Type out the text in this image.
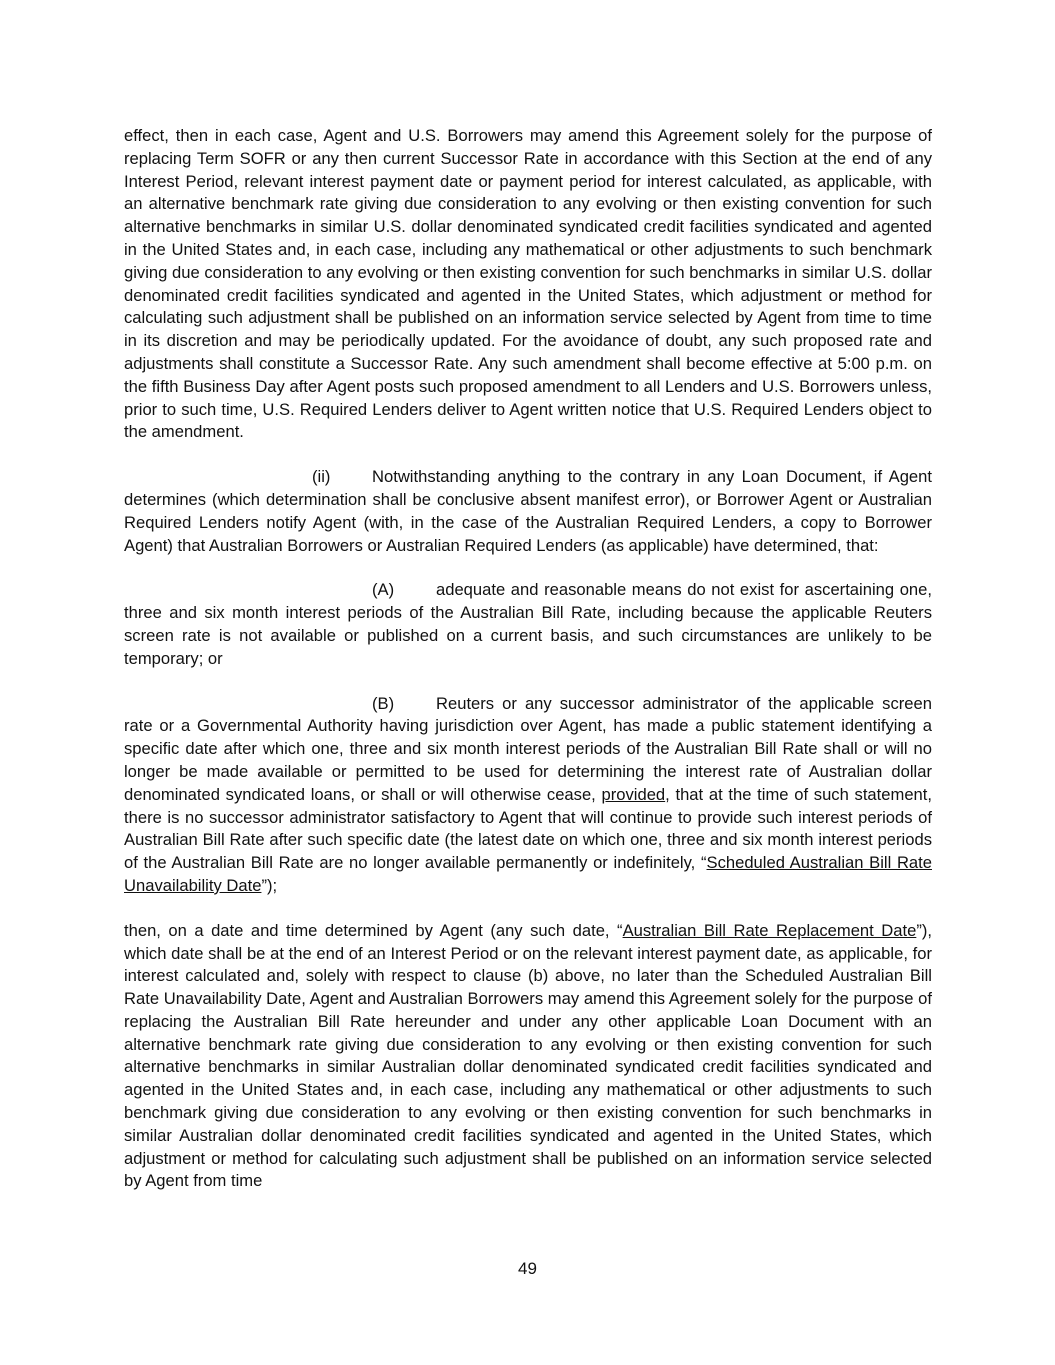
effect, then in each case, Agent and U.S. Borrowers may amend this Agreement solely for the purpose of replacing Term SOFR or any then current Successor Rate in accordance with this Section at the end of any Interest Period, relevant interest payment date or payment period for interest calculated, as applicable, with an alternative benchmark rate giving due consideration to any evolving or then existing convention for such alternative benchmarks in similar U.S. dollar denominated syndicated credit facilities syndicated and agented in the United States and, in each case, including any mathematical or other adjustments to such benchmark giving due consideration to any evolving or then existing convention for such benchmarks in similar U.S. dollar denominated credit facilities syndicated and agented in the United States, which adjustment or method for calculating such adjustment shall be published on an information service selected by Agent from time to time in its discretion and may be periodically updated. For the avoidance of doubt, any such proposed rate and adjustments shall constitute a Successor Rate. Any such amendment shall become effective at 5:00 p.m. on the fifth Business Day after Agent posts such proposed amendment to all Lenders and U.S. Borrowers unless, prior to such time, U.S. Required Lenders deliver to Agent written notice that U.S. Required Lenders object to the amendment.

(ii)	Notwithstanding anything to the contrary in any Loan Document, if Agent determines (which determination shall be conclusive absent manifest error), or Borrower Agent or Australian Required Lenders notify Agent (with, in the case of the Australian Required Lenders, a copy to Borrower Agent) that Australian Borrowers or Australian Required Lenders (as applicable) have determined, that:

(A)	adequate and reasonable means do not exist for ascertaining one, three and six month interest periods of the Australian Bill Rate, including because the applicable Reuters screen rate is not available or published on a current basis, and such circumstances are unlikely to be temporary; or

(B)	Reuters or any successor administrator of the applicable screen rate or a Governmental Authority having jurisdiction over Agent, has made a public statement identifying a specific date after which one, three and six month interest periods of the Australian Bill Rate shall or will no longer be made available or permitted to be used for determining the interest rate of Australian dollar denominated syndicated loans, or shall or will otherwise cease, provided, that at the time of such statement, there is no successor administrator satisfactory to Agent that will continue to provide such interest periods of Australian Bill Rate after such specific date (the latest date on which one, three and six month interest periods of the Australian Bill Rate are no longer available permanently or indefinitely, “Scheduled Australian Bill Rate Unavailability Date”);

then, on a date and time determined by Agent (any such date, “Australian Bill Rate Replacement Date”), which date shall be at the end of an Interest Period or on the relevant interest payment date, as applicable, for interest calculated and, solely with respect to clause (b) above, no later than the Scheduled Australian Bill Rate Unavailability Date, Agent and Australian Borrowers may amend this Agreement solely for the purpose of replacing the Australian Bill Rate hereunder and under any other applicable Loan Document with an alternative benchmark rate giving due consideration to any evolving or then existing convention for such alternative benchmarks in similar Australian dollar denominated syndicated credit facilities syndicated and agented in the United States and, in each case, including any mathematical or other adjustments to such benchmark giving due consideration to any evolving or then existing convention for such benchmarks in similar Australian dollar denominated credit facilities syndicated and agented in the United States, which adjustment or method for calculating such adjustment shall be published on an information service selected by Agent from time

49
